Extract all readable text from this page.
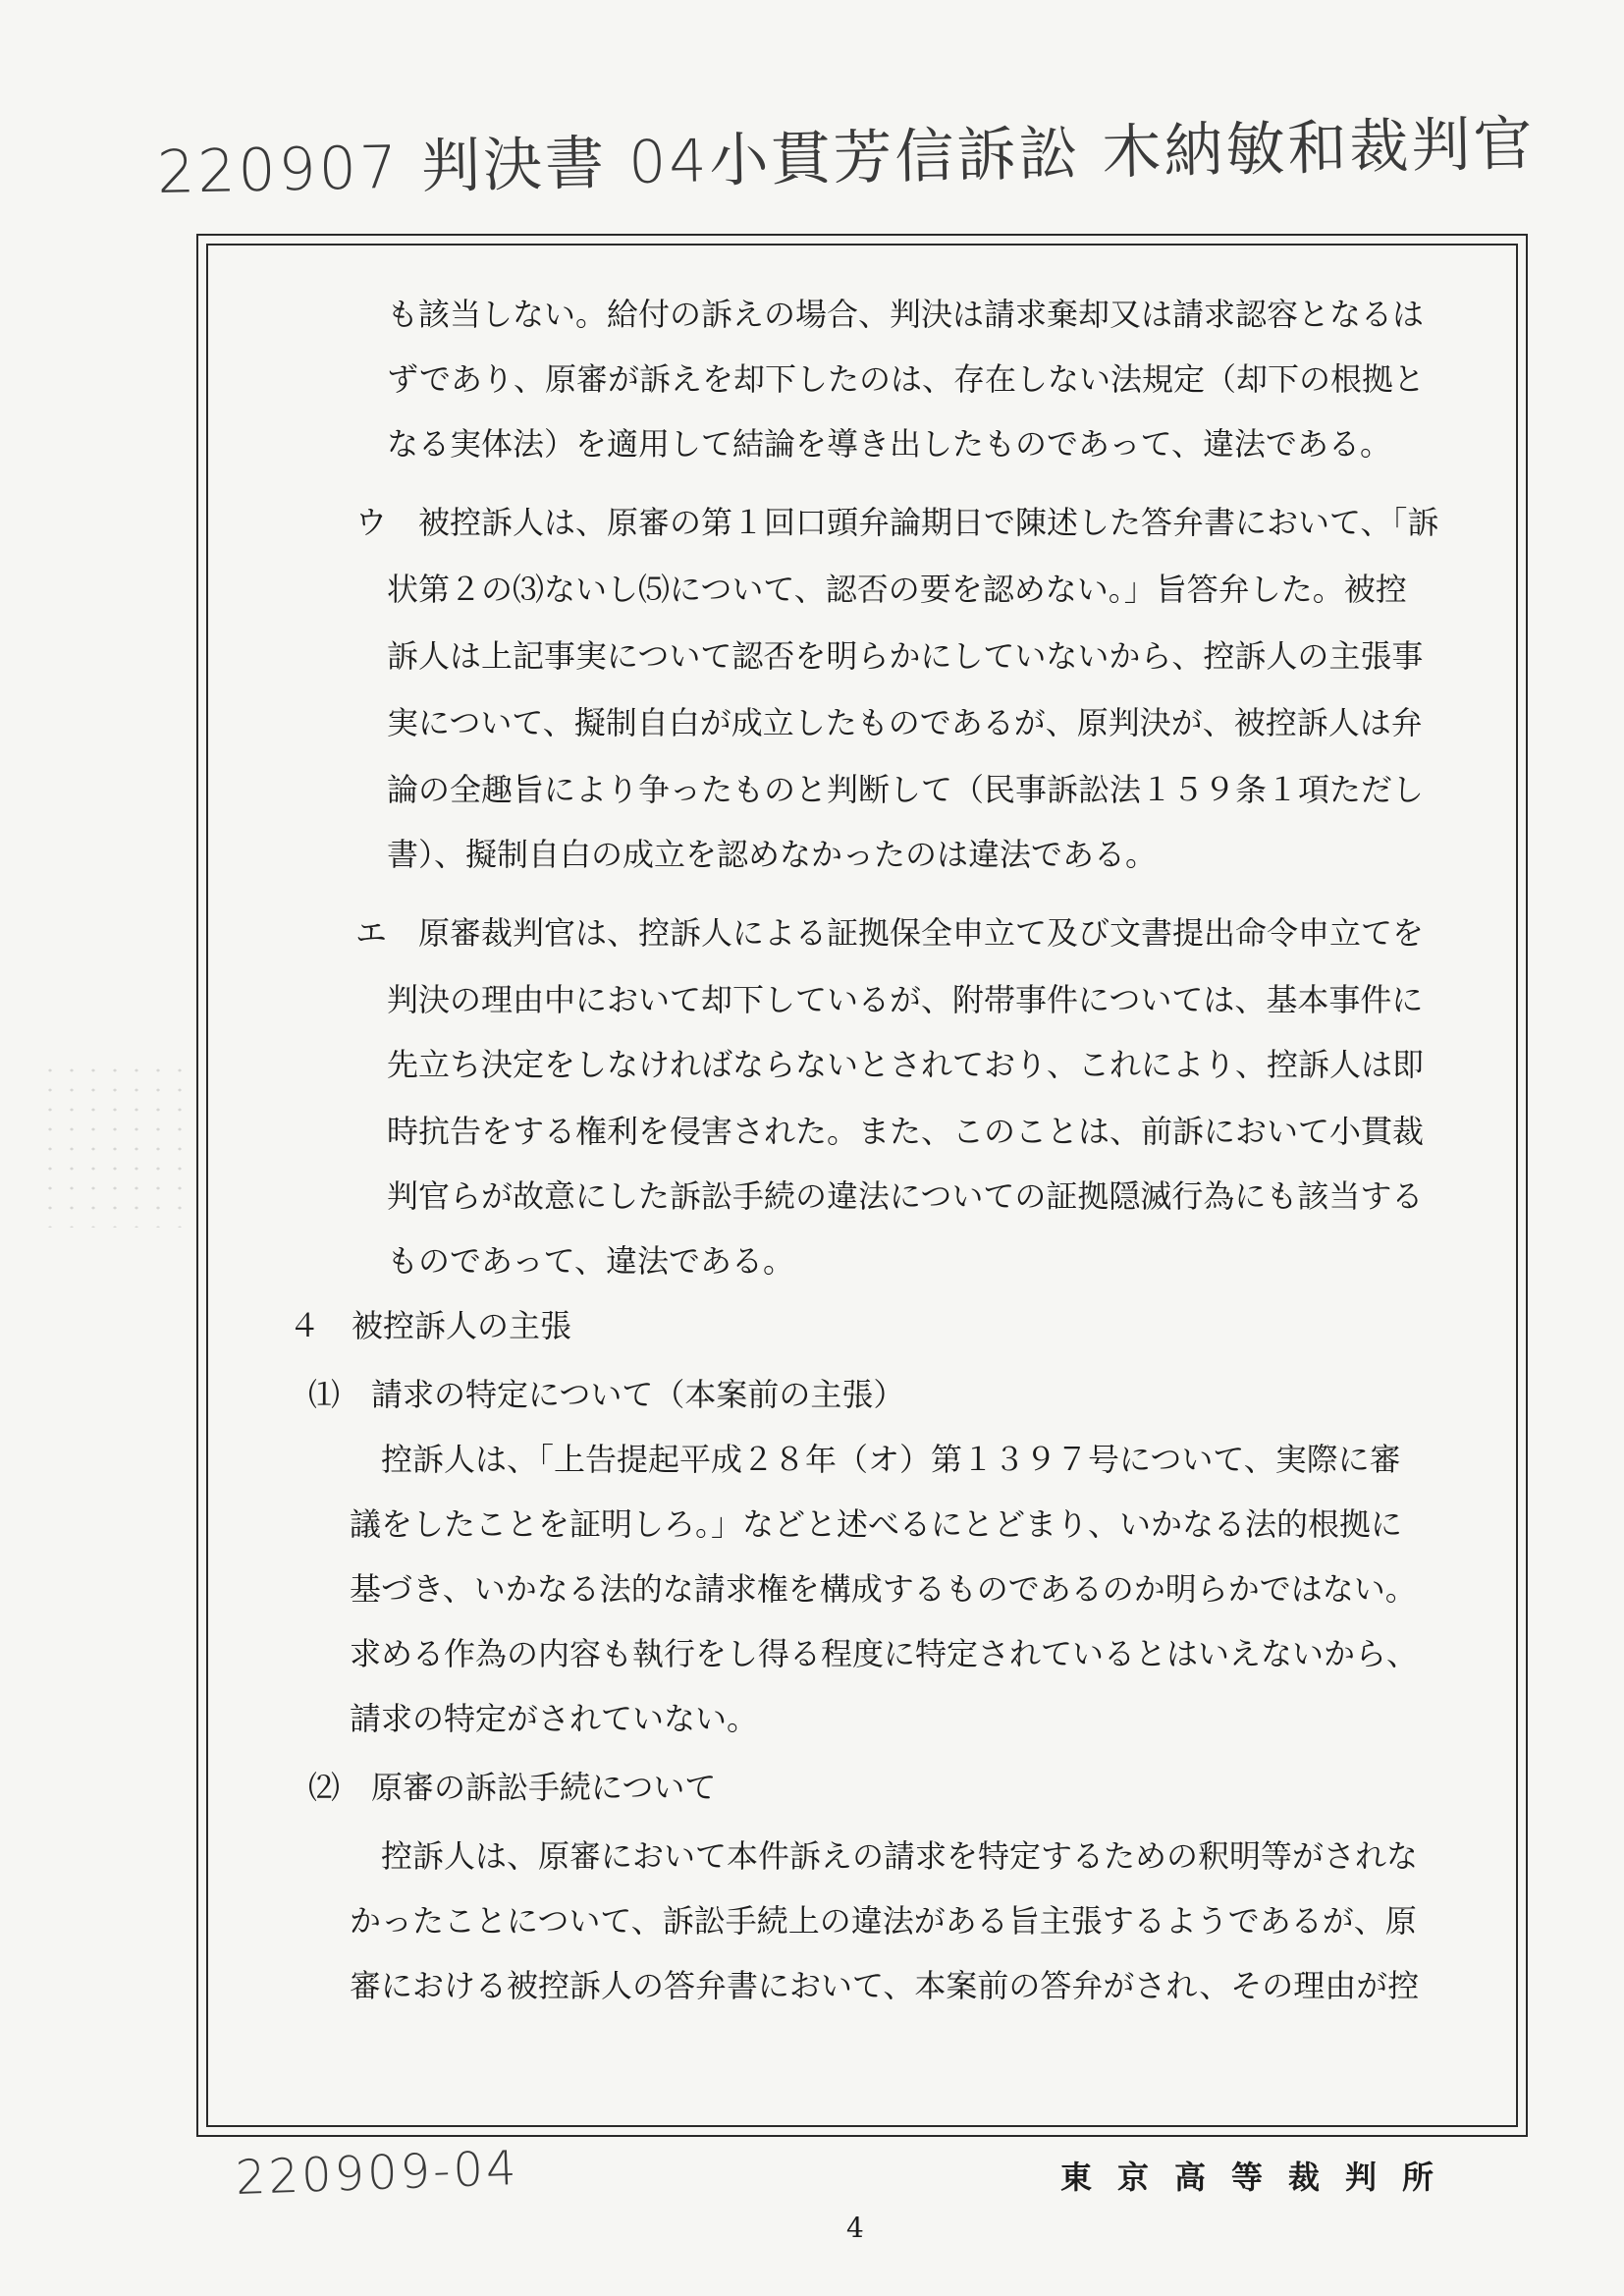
220907 判決書 04小貫芳信訴訟 木納敏和裁判官
も該当しない。給付の訴えの場合、判決は請求棄却又は請求認容となるは
ずであり、原審が訴えを却下したのは、存在しない法規定（却下の根拠と
なる実体法）を適用して結論を導き出したものであって、違法である。
ウ　被控訴人は、原審の第１回口頭弁論期日で陳述した答弁書において、「訴
状第２の⑶ないし⑸について、認否の要を認めない。」旨答弁した。被控
訴人は上記事実について認否を明らかにしていないから、控訴人の主張事
実について、擬制自白が成立したものであるが、原判決が、被控訴人は弁
論の全趣旨により争ったものと判断して（民事訴訟法１５９条１項ただし
書）、擬制自白の成立を認めなかったのは違法である。
エ　原審裁判官は、控訴人による証拠保全申立て及び文書提出命令申立てを
判決の理由中において却下しているが、附帯事件については、基本事件に
先立ち決定をしなければならないとされており、これにより、控訴人は即
時抗告をする権利を侵害された。また、このことは、前訴において小貫裁
判官らが故意にした訴訟手続の違法についての証拠隠滅行為にも該当する
ものであって、違法である。
４　被控訴人の主張
⑴　請求の特定について（本案前の主張）
控訴人は、「上告提起平成２８年（オ）第１３９７号について、実際に審
議をしたことを証明しろ。」などと述べるにとどまり、いかなる法的根拠に
基づき、いかなる法的な請求権を構成するものであるのか明らかではない。
求める作為の内容も執行をし得る程度に特定されているとはいえないから、
請求の特定がされていない。
⑵　原審の訴訟手続について
控訴人は、原審において本件訴えの請求を特定するための釈明等がされな
かったことについて、訴訟手続上の違法がある旨主張するようであるが、原
審における被控訴人の答弁書において、本案前の答弁がされ、その理由が控
東京高等裁判所
220909-04
4
